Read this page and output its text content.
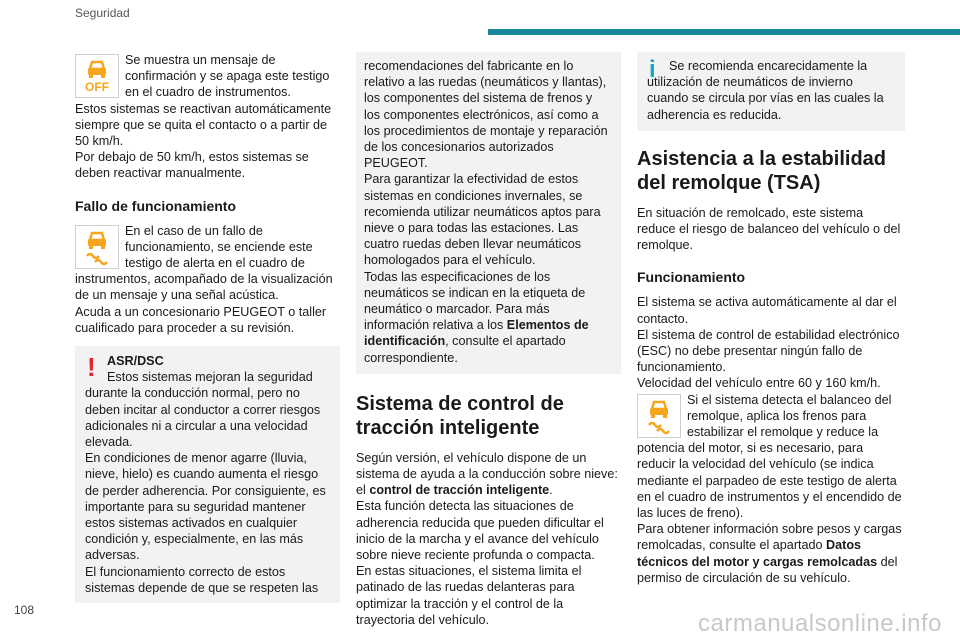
Seguridad
OFF

Se muestra un mensaje de
confirmación y se apaga este testigo
en el cuadro de instrumentos.

Estos sistemas se reactivan automáticamente siempre que se quita el contacto o a partir de 50 km/h.

Por debajo de 50 km/h, estos sistemas se deben reactivar manualmente.

Fallo de funcionamiento

En el caso de un fallo de
funcionamiento, se enciende este
testigo de alerta en el cuadro de instrumentos, acompañado de la visualización de un mensaje y una señal acústica.

Acuda a un concesionario PEUGEOT o taller cualificado para proceder a su revisión.

! ASR/DSC

Estos sistemas mejoran la seguridad
durante la conducción normal, pero no deben incitar al conductor a correr riesgos adicionales ni a circular a una velocidad elevada.

En condiciones de menor agarre (lluvia, nieve, hielo) es cuando aumenta el riesgo de perder adherencia. Por consiguiente, es importante para su seguridad mantener estos sistemas activados en cualquier condición y, especialmente, en las más adversas.

El funcionamiento correcto de estos sistemas depende de que se respeten las

recomendaciones del fabricante en lo relativo a las ruedas (neumáticos y llantas), los componentes del sistema de frenos y los componentes electrónicos, así como a los procedimientos de montaje y reparación de los concesionarios autorizados PEUGEOT.

Para garantizar la efectividad de estos sistemas en condiciones invernales, se recomienda utilizar neumáticos aptos para nieve o para todas las estaciones. Las cuatro ruedas deben llevar neumáticos homologados para el vehículo.

Todas las especificaciones de los neumáticos se indican en la etiqueta de neumático o marcador. Para más información relativa a los Elementos de identificación, consulte el apartado correspondiente.

Sistema de control de tracción inteligente

Según versión, el vehículo dispone de un sistema de ayuda a la conducción sobre nieve: el control de tracción inteligente.

Esta función detecta las situaciones de adherencia reducida que pueden dificultar el inicio de la marcha y el avance del vehículo sobre nieve reciente profunda o compacta.

En estas situaciones, el sistema limita el patinado de las ruedas delanteras para optimizar la tracción y el control de la trayectoria del vehículo.

i	Se recomienda encarecidamente la
utilización de neumáticos de invierno cuando se circula por vías en las cuales la adherencia es reducida.

Asistencia a la estabilidad del remolque (TSA)

En situación de remolcado, este sistema reduce el riesgo de balanceo del vehículo o del remolque.

Funcionamiento

El sistema se activa automáticamente al dar el contacto.

El sistema de control de estabilidad electrónico (ESC) no debe presentar ningún fallo de funcionamiento.

Velocidad del vehículo entre 60 y 160 km/h.

Si el sistema detecta el balanceo del
remolque, aplica los frenos para
estabilizar el remolque y reduce la potencia del motor, si es necesario, para reducir la velocidad del vehículo (se indica mediante el parpadeo de este testigo de alerta en el cuadro de instrumentos y el encendido de las luces de freno).

Para obtener información sobre pesos y cargas remolcadas, consulte el apartado Datos técnicos del motor y cargas remolcadas del permiso de circulación de su vehículo.

108	carmanualsonline.info
